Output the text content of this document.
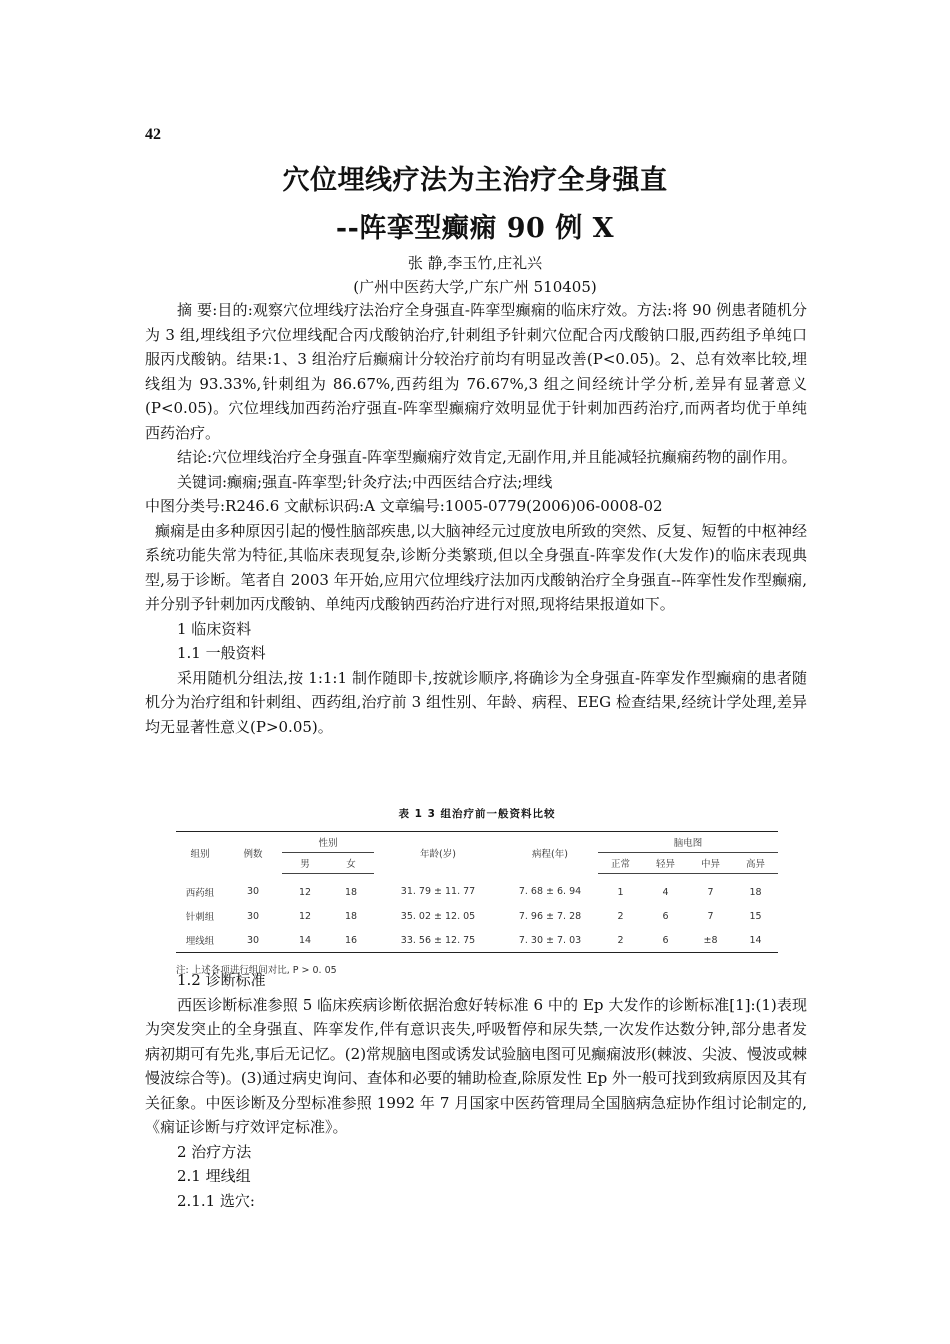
42
穴位埋线疗法为主治疗全身强直
--阵挛型癫痫 90 例 X
张 静,李玉竹,庄礼兴
(广州中医药大学,广东广州 510405)

摘 要:目的:观察穴位埋线疗法治疗全身强直-阵挛型癫痫的临床疗效。方法:将 90 例患者随机分为 3 组,埋线组予穴位埋线配合丙戊酸钠治疗,针刺组予针刺穴位配合丙戊酸钠口服,西药组予单纯口服丙戊酸钠。结果:1、3 组治疗后癫痫计分较治疗前均有明显改善(P<0.05)。2、总有效率比较,埋线组为 93.33%,针刺组为 86.67%,西药组为 76.67%,3 组之间经统计学分析,差异有显著意义(P<0.05)。穴位埋线加西药治疗强直-阵挛型癫痫疗效明显优于针刺加西药治疗,而两者均优于单纯西药治疗。

结论:穴位埋线治疗全身强直-阵挛型癫痫疗效肯定,无副作用,并且能减轻抗癫痫药物的副作用。

关键词:癫痫;强直-阵挛型;针灸疗法;中西医结合疗法;埋线

中图分类号:R246.6 文献标识码:A 文章编号:1005-0779(2006)06-0008-02

癫痫是由多种原因引起的慢性脑部疾患,以大脑神经元过度放电所致的突然、反复、短暂的中枢神经系统功能失常为特征,其临床表现复杂,诊断分类繁琐,但以全身强直-阵挛发作(大发作)的临床表现典型,易于诊断。笔者自 2003 年开始,应用穴位埋线疗法加丙戊酸钠治疗全身强直--阵挛性发作型癫痫,并分别予针刺加丙戊酸钠、单纯丙戊酸钠西药治疗进行对照,现将结果报道如下。

1 临床资料

1.1 一般资料

采用随机分组法,按 1:1:1 制作随即卡,按就诊顺序,将确诊为全身强直-阵挛发作型癫痫的患者随机分为治疗组和针刺组、西药组,治疗前 3 组性别、年龄、病程、EEG 检查结果,经统计学处理,差异均无显著性意义(P>0.05)。

表 1 3 组治疗前一般资料比较
组别	例数	性别		年龄(岁)	病程(年)	脑电图			
		男	女			正常	轻异	中异	高异
西药组	30	12	18	31. 79 ± 11. 77	7. 68 ± 6. 94	1	4	7	18
针刺组	30	12	18	35. 02 ± 12. 05	7. 96 ± 7. 28	2	6	7	15
埋线组	30	14	16	33. 56 ± 12. 75	7. 30 ± 7. 03	2	6	±8	14
注: 上述各项进行组间对比, P > 0. 05

1.2 诊断标准

西医诊断标准参照 5 临床疾病诊断依据治愈好转标准 6 中的 Ep 大发作的诊断标准[1]:(1)表现为突发突止的全身强直、阵挛发作,伴有意识丧失,呼吸暂停和尿失禁,一次发作达数分钟,部分患者发病初期可有先兆,事后无记忆。(2)常规脑电图或诱发试验脑电图可见癫痫波形(棘波、尖波、慢波或棘慢波综合等)。(3)通过病史询问、查体和必要的辅助检查,除原发性 Ep 外一般可找到致病原因及其有关征象。中医诊断及分型标准参照 1992 年 7 月国家中医药管理局全国脑病急症协作组讨论制定的,《痫证诊断与疗效评定标准》。

2 治疗方法

2.1 埋线组

2.1.1 选穴:
